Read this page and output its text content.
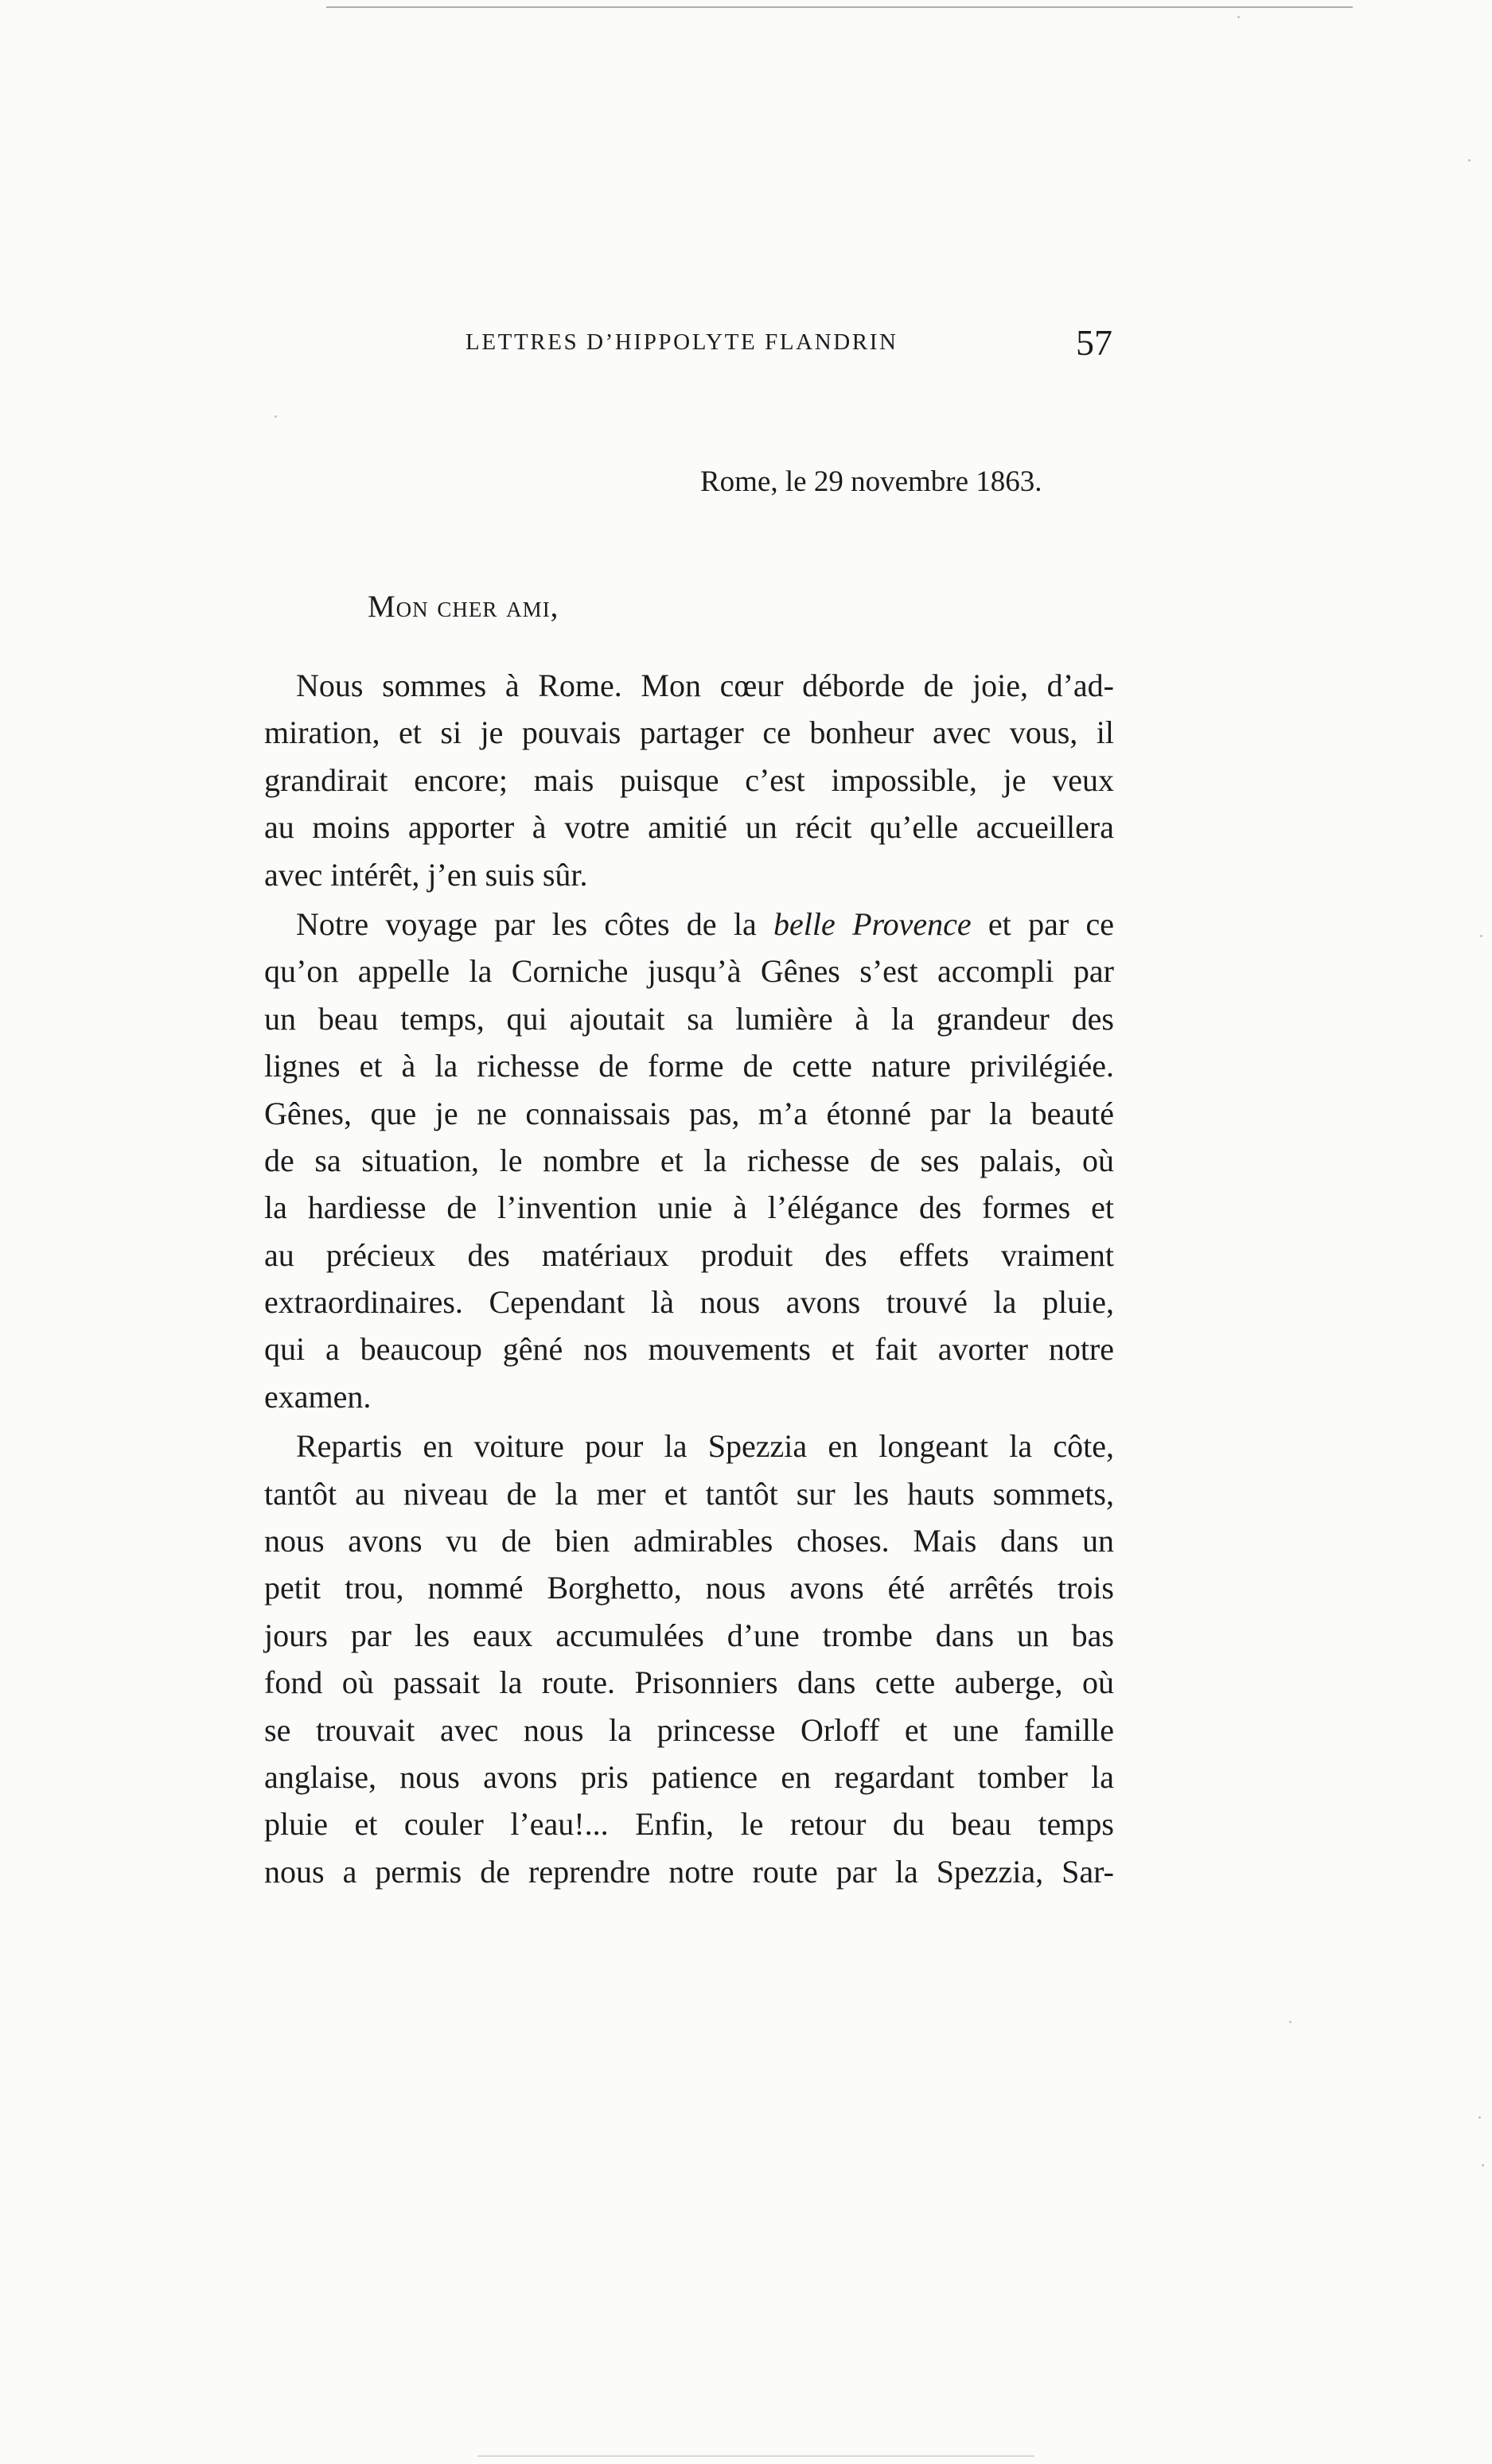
LETTRES D’HIPPOLYTE FLANDRIN	57
Rome, le 29 novembre 1863.
Mon cher ami,
Nous sommes à Rome. Mon cœur déborde de joie, d’ad-
miration, et si je pouvais partager ce bonheur avec vous, il
grandirait encore; mais puisque c’est impossible, je veux
au moins apporter à votre amitié un récit qu’elle accueillera
avec intérêt, j’en suis sûr.
Notre voyage par les côtes de la belle Provence et par ce
qu’on appelle la Corniche jusqu’à Gênes s’est accompli par
un beau temps, qui ajoutait sa lumière à la grandeur des
lignes et à la richesse de forme de cette nature privilégiée.
Gênes, que je ne connaissais pas, m’a étonné par la beauté
de sa situation, le nombre et la richesse de ses palais, où
la hardiesse de l’invention unie à l’élégance des formes et
au précieux des matériaux produit des effets vraiment
extraordinaires. Cependant là nous avons trouvé la pluie,
qui a beaucoup gêné nos mouvements et fait avorter notre
examen.
Repartis en voiture pour la Spezzia en longeant la côte,
tantôt au niveau de la mer et tantôt sur les hauts sommets,
nous avons vu de bien admirables choses. Mais dans un
petit trou, nommé Borghetto, nous avons été arrêtés trois
jours par les eaux accumulées d’une trombe dans un bas
fond où passait la route. Prisonniers dans cette auberge, où
se trouvait avec nous la princesse Orloff et une famille
anglaise, nous avons pris patience en regardant tomber la
pluie et couler l’eau!... Enfin, le retour du beau temps
nous a permis de reprendre notre route par la Spezzia, Sar-
